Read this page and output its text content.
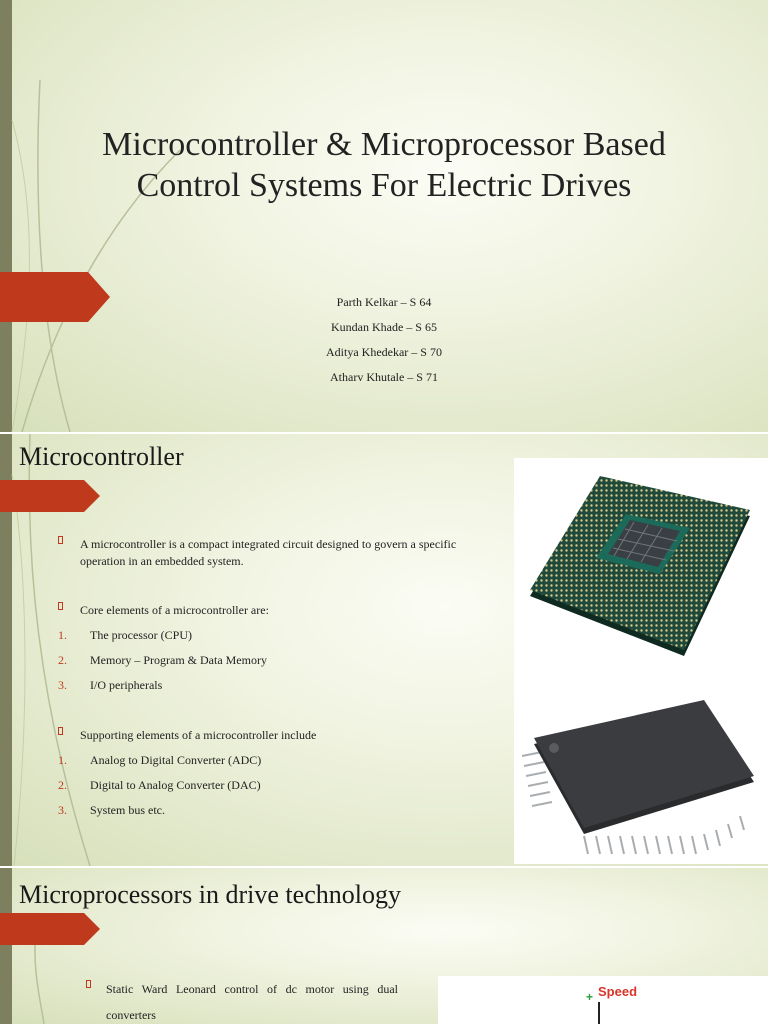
Microcontroller & Microprocessor Based Control Systems For Electric Drives
Parth Kelkar – S 64
Kundan Khade – S 65
Aditya Khedekar – S 70
Atharv Khutale – S 71
Microcontroller
A microcontroller is a compact integrated circuit designed to govern a specific operation in an embedded system.
Core elements of a microcontroller are:
1.	The processor (CPU)
2.	Memory – Program & Data Memory
3.	I/O peripherals
Supporting elements of a microcontroller include
1.	Analog to Digital Converter (ADC)
2.	Digital to Analog Converter (DAC)
3.	System bus etc.
Microprocessors in drive technology
Static Ward Leonard control of dc motor using dual converters
Speed
+
